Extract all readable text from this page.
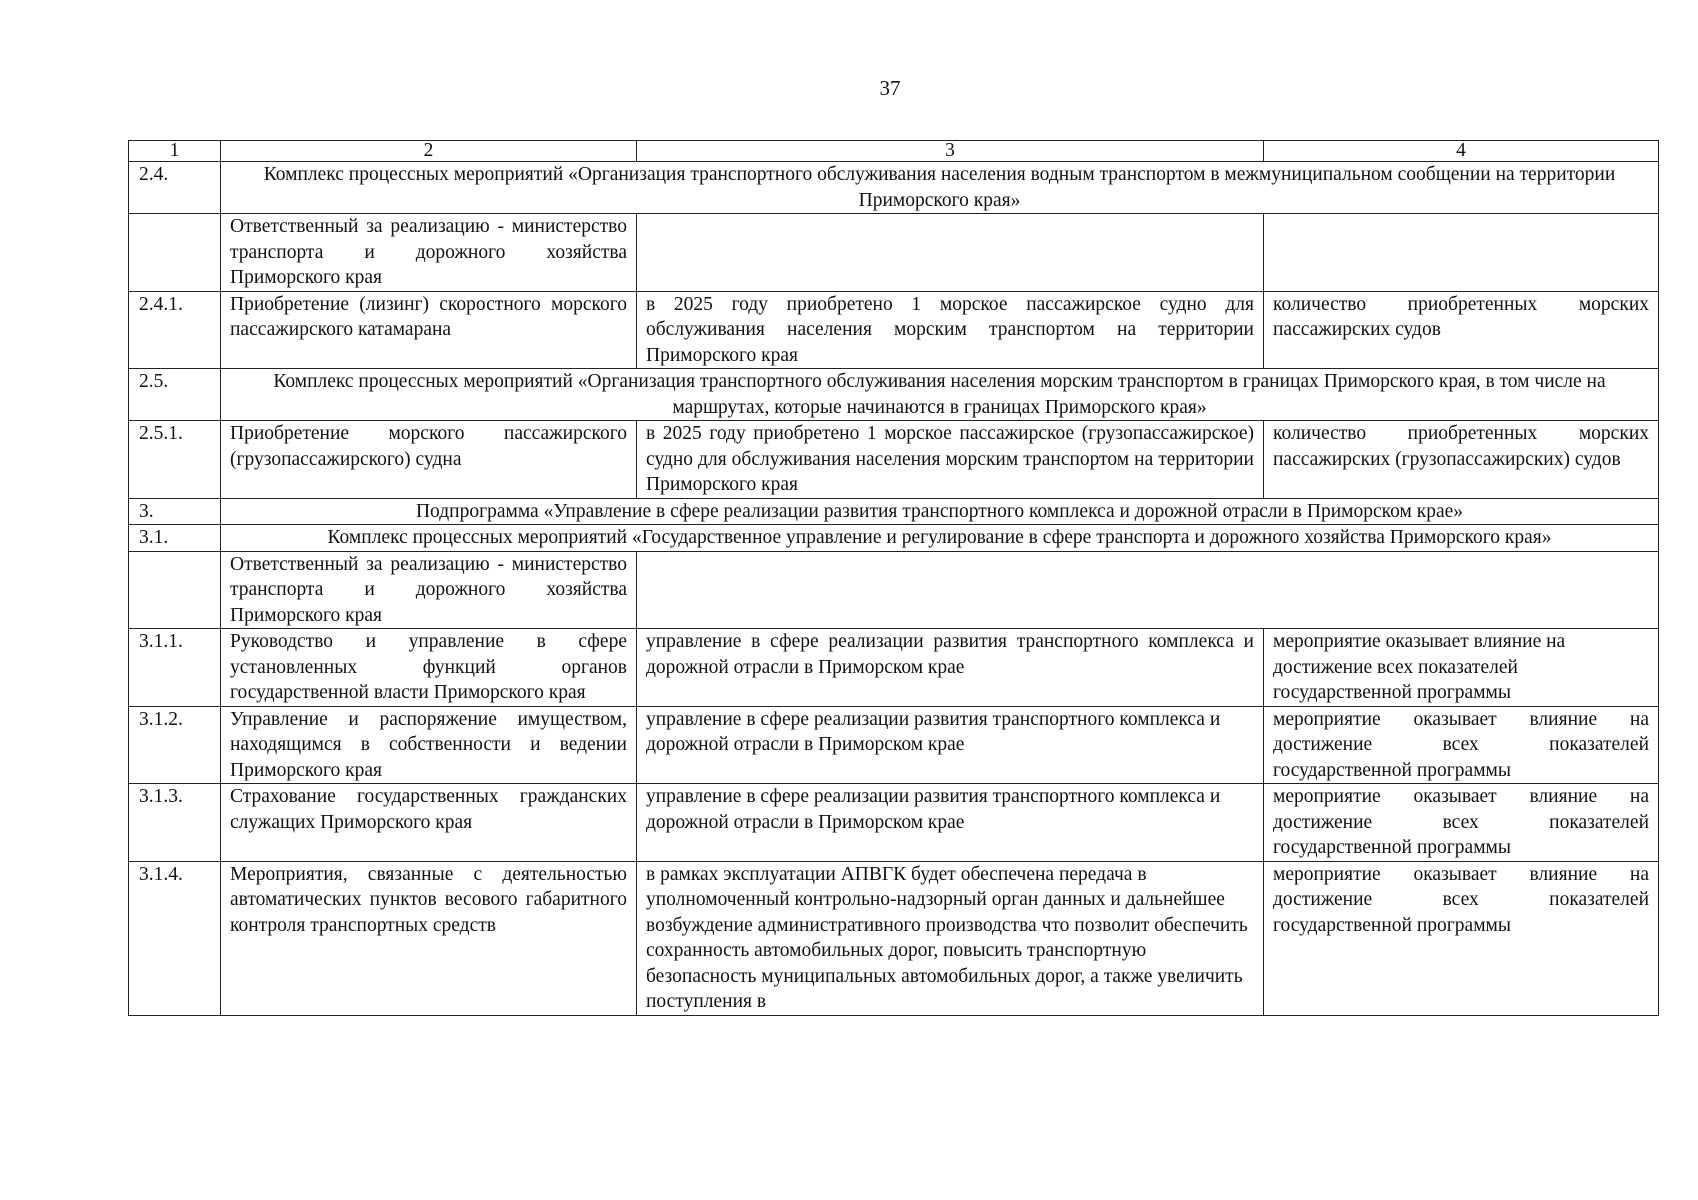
37
1	2	3	4
2.4.	Комплекс процессных мероприятий «Организация транспортного обслуживания населения водным транспортом в межмуниципальном сообщении на территории Приморского края»		
	Ответственный за реализацию - министерство транспорта и дорожного хозяйства Приморского края		
2.4.1.	Приобретение (лизинг) скоростного морского пассажирского катамарана	в 2025 году приобретено 1 морское пассажирское судно для обслуживания населения морским транспортом на территории Приморского края	количество приобретенных морских пассажирских судов
2.5.	Комплекс процессных мероприятий «Организация транспортного обслуживания населения морским транспортом в границах Приморского края, в том числе на маршрутах, которые начинаются в границах Приморского края»		
2.5.1.	Приобретение морского пассажирского (грузопассажирского) судна	в 2025 году приобретено 1 морское пассажирское (грузопассажирское) судно для обслуживания населения морским транспортом на территории Приморского края	количество приобретенных морских пассажирских (грузопассажирских) судов
3.	Подпрограмма «Управление в сфере реализации развития транспортного комплекса и дорожной отрасли в Приморском крае»		
3.1.	Комплекс процессных мероприятий «Государственное управление и регулирование в сфере транспорта и дорожного хозяйства Приморского края»		
	Ответственный за реализацию - министерство транспорта и дорожного хозяйства Приморского края		
3.1.1.	Руководство и управление в сфере установленных функций органов государственной власти Приморского края	управление в сфере реализации развития транспортного комплекса и дорожной отрасли в Приморском крае	мероприятие оказывает влияние на достижение всех показателей государственной программы
3.1.2.	Управление и распоряжение имуществом, находящимся в собственности и ведении Приморского края	управление в сфере реализации развития транспортного комплекса и дорожной отрасли в Приморском крае	мероприятие оказывает влияние на достижение всех показателей государственной программы
3.1.3.	Страхование государственных гражданских служащих Приморского края	управление в сфере реализации развития транспортного комплекса и дорожной отрасли в Приморском крае	мероприятие оказывает влияние на достижение всех показателей государственной программы
3.1.4.	Мероприятия, связанные с деятельностью автоматических пунктов весового габаритного контроля транспортных средств	в рамках эксплуатации АПВГК будет обеспечена передача в уполномоченный контрольно-надзорный орган данных и дальнейшее возбуждение административного производства что позволит обеспечить сохранность автомобильных дорог, повысить транспортную безопасность муниципальных автомобильных дорог, а также увеличить поступления в	мероприятие оказывает влияние на достижение всех показателей государственной программы
